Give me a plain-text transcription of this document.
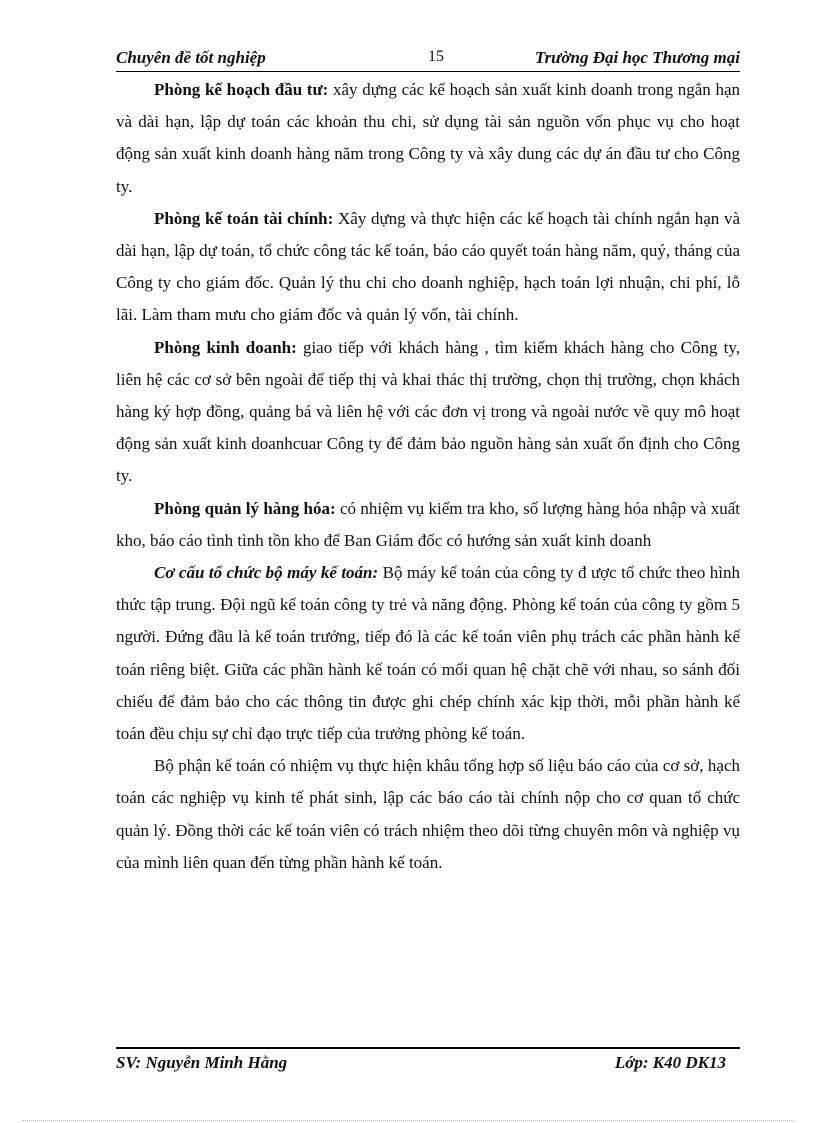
Chuyên đề tốt nghiệp	15	Trường Đại học Thương mại

Phòng kế hoạch đầu tư: xây dựng các kế hoạch sản xuất kinh doanh trong ngắn hạn và dài hạn, lập dự toán các khoản thu chi, sử dụng tài sản nguồn vốn phục vụ cho hoạt động sản xuất kinh doanh hàng năm trong Công ty và xây dung các dự án đầu tư cho Công ty.

Phòng kế toán tài chính: Xây dựng và thực hiện các kế hoạch tài chính ngắn hạn và dài hạn, lập dự toán, tổ chức công tác kế toán, báo cáo quyết toán hàng năm, quý, tháng của Công ty cho giám đốc. Quản lý thu chi cho doanh nghiệp, hạch toán lợi nhuận, chi phí, lỗ lãi. Làm tham mưu cho giám đốc và quản lý vốn, tài chính.

Phòng kinh doanh: giao tiếp với khách hàng , tìm kiếm khách hàng cho Công ty, liên hệ các cơ sở bên ngoài để tiếp thị và khai thác thị trường, chọn thị trường, chọn khách hàng ký hợp đồng, quảng bá và liên hệ với các đơn vị trong và ngoài nước về quy mô hoạt động sản xuất kinh doanhcuar Công ty để đảm bảo nguồn hàng sản xuất ổn định cho Công ty.

Phòng quản lý hàng hóa: có nhiệm vụ kiểm tra kho, số lượng hàng hóa nhập và xuất kho, báo cáo tình tình tồn kho để Ban Giám đốc có hướng sản xuất kinh doanh

Cơ cấu tổ chức bộ máy kế toán: Bộ máy kế toán của công ty đ ược tổ chức theo hình thức tập trung. Đội ngũ kế toán công ty trẻ và năng động. Phòng kế toán của công ty gồm 5 người. Đứng đầu là kế toán trưởng, tiếp đó là các kế toán viên phụ trách các phần hành kế toán riêng biệt. Giữa các phần hành kế toán có mối quan hệ chặt chẽ với nhau, so sánh đối chiếu để đảm bảo cho các thông tin được ghi chép chính xác kịp thời, mỗi phần hành kế toán đều chịu sự chỉ đạo trực tiếp của trưởng phòng kế toán.

Bộ phận kế toán có nhiệm vụ thực hiện khâu tổng hợp số liệu báo cáo của cơ sở, hạch toán các nghiệp vụ kinh tế phát sinh, lập các báo cáo tài chính nộp cho cơ quan tổ chức quản lý. Đồng thời các kế toán viên có trách nhiệm theo dõi từng chuyên môn và nghiệp vụ của mình liên quan đến từng phần hành kế toán.

SV: Nguyễn Minh Hằng	Lớp: K40 DK13
